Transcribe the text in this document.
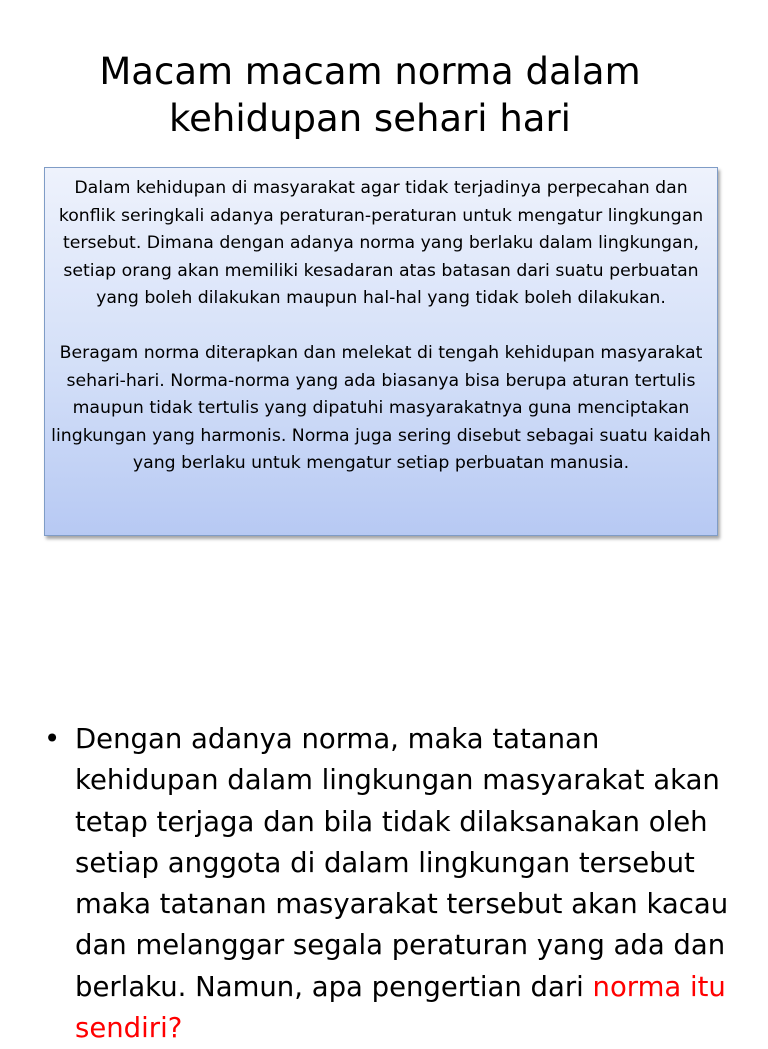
Macam macam norma dalam
kehidupan sehari hari

Dalam kehidupan di masyarakat agar tidak terjadinya perpecahan dan konflik seringkali adanya peraturan-peraturan untuk mengatur lingkungan tersebut. Dimana dengan adanya norma yang berlaku dalam lingkungan, setiap orang akan memiliki kesadaran atas batasan dari suatu perbuatan yang boleh dilakukan maupun hal-hal yang tidak boleh dilakukan.

Beragam norma diterapkan dan melekat di tengah kehidupan masyarakat sehari-hari. Norma-norma yang ada biasanya bisa berupa aturan tertulis maupun tidak tertulis yang dipatuhi masyarakatnya guna menciptakan lingkungan yang harmonis. Norma juga sering disebut sebagai suatu kaidah yang berlaku untuk mengatur setiap perbuatan manusia.

• Dengan adanya norma, maka tatanan kehidupan dalam lingkungan masyarakat akan tetap terjaga dan bila tidak dilaksanakan oleh setiap anggota di dalam lingkungan tersebut maka tatanan masyarakat tersebut akan kacau dan melanggar segala peraturan yang ada dan berlaku. Namun, apa pengertian dari norma itu sendiri?
